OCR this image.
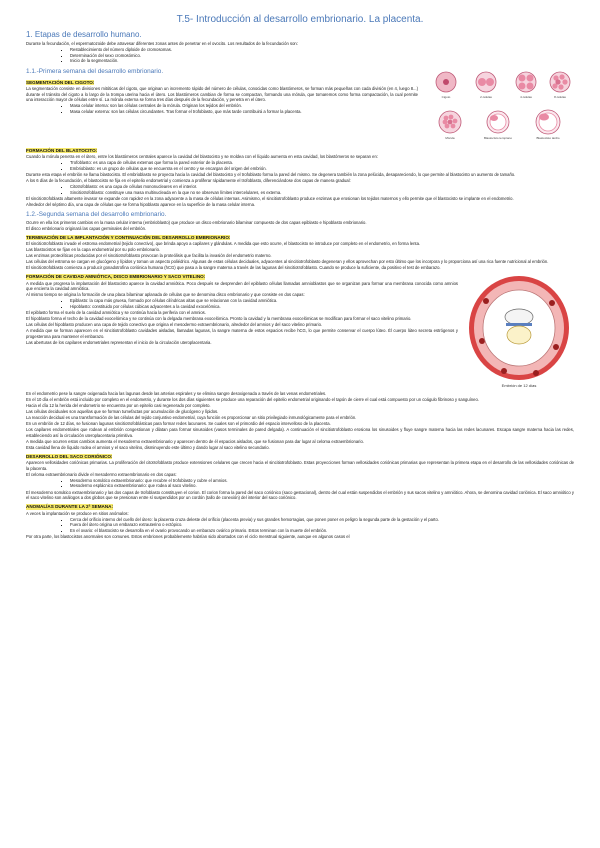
T.5- Introducción al desarrollo embrionario. La placenta.
1. Etapas de desarrollo humano.

Durante la fecundación, el espermatozoide debe atravesar diferentes zonas antes de penetrar en el ovocito. Los resultados de la fecundación son:

▪ Restablecimiento del número diploide de cromosomas.
▪ Determinación del sexo cromosómico.
▪ Inicio de la segmentación.
Cigoto	2 células	4 células	8 células
Mórula	Blastocisto temprano	Blastocisto tardío
1.1.-Primera semana del desarrollo embrionario.
SEGMENTACIÓN DEL CIGOTO:

La segmentación consiste en divisiones mitóticas del cigoto, que originan un incremento rápido del número de células, conocidas como blastómeros, se forman más pequeñas con cada división (en 4, luego 8...) durante el tránsito del cigoto a lo largo de la trompa uterina hacia el útero. Los blastómeros cambian de forma se compactan, formando una mórula, que tomaremos como forma compactación, la cual permite una interacción mayor de células entre sí. La mórula externa se forma tres días después de la fecundación, y penetra en el útero.

▪ Masa celular interna: son las células centrales de la mórula. Originan los tejidos del embrión.
▪ Masa celular externa: son las células circundantes. Tras formar el trofoblasto, que más tarde contribuirá a formar la placenta.
FORMACIÓN DEL BLASTOCITO:

Cuando la mórula penetra en el útero, entre los blastómeros centrales aparece la cavidad del blastocisto y se moldea con el líquido aumenta en esta cavidad, los blastómeros se separan en:

▪ Trofoblasto: es una capa de células externas que forma la pared exterior de la placenta.
▪ Embrioblasto: es un grupo de células que se encuentra en el centro y se encargan del origen del embrión.

Durante esta etapa el embrión se llama blastocisto. El embrioblasto se proyecta hacia la cavidad del blastocisto y el trofoblasto forma la pared del mismo. Se degenera también la zona pelúcida, desapareciendo, lo que permite al blastocisto un aumento de tamaño.

A los 6 días de la fecundación, el blastocisto se fija en el epitelio endometrial y comienza a proliferar rápidamente el trofoblasto, diferenciándose dos capas de manera gradual:

▪ Citotrofoblasto: es una capa de células mononucleares en el interior.
▪ Sincitiotrofoblasto: constituye una masa multinucleada en la que no se observan límites intercelulares, es externa.

El sincitiotrofoblasto altamente invasor se expande con rapidez en la zona adyacente a la masa de células internas. Asimismo, el sincitiotrofoblasto produce enzimas que erosionan los tejidos maternos y ello permite que el blastocisto se implante en el endometrio.

Alrededor del séptimo día, una capa de células que se forma hipoblasto aparece en la superficie de la masa celular interna.

1.2.-Segunda semana del desarrollo embrionario.

Ocurre en ella los primeros cambios en la masa celular interna (embrioblasto) que produce un disco embrionario bilaminar compuesto de dos capas epiblasto e hipoblasto embrionario.

El disco embrionario originará las capas germinales del embrión.

TERMINACIÓN DE LA IMPLANTACIÓN Y CONTINUACIÓN DEL DESARROLLO EMBRIONARIO:

El sincitiotrofoblasto invade el estroma endometrial (tejido conectivo), que brinda apoyo a capilares y glándulas. A medida que esto ocurre, el blastocisto se introduce por completo en el endometrio, en forma lenta.

Las blastocistos se fijan en la capa endometrial por su polo embrionario.

Las enzimas proteolíticas producidas por el sincitiotrofoblasto provocan la proteólisis que facilita la invasión del endometrio materno.

Las células del estroma se cargan en glucógeno y lípidos y toman un aspecto poliédrico. Algunas de estas células deciduales, adyacentes al sincitiotrofoblasto degeneran y ellos aprovechan por esto último que los incorpora y lo proporciona así una rica fuente nutricional al embrión.

El sincitiotrofoblasto comienza a producir gonadotrofina coriónica humana (hCG) que pasa a la sangre materna a través de las lagunas del sincitiotrofoblasto. Cuando se produce la suficiente, da positivo el test de embarazo.

Embrión de 12 días
FORMACIÓN DE CAVIDAD AMNIÓTICA, DISCO EMBRIONARIO Y SACO VITELINO:

A medida que progresa la implantación del blastocisto aparece la cavidad amniótica. Poco después se desprenden del epiblasto células llamadas amnioblastos que se organizan para formar una membrana conocida como amnios que encierra la cavidad amniótica.

Al mismo tiempo se origina la formación de una placa bilaminar aplanada de células que se denomina disco embrionario y que consiste en dos capas:

▪ Epiblasto: la capa más gruesa, formado por células cilíndricas altas que se relacionan con la cavidad amniótica.
▪ Hipoblasto: constituido por células cúbicas adyacentes a la cavidad exocelómica.

El epiblasto forma el suelo de la cavidad amniótica y se continúa hacia la periferia con el amnios.

El hipoblasto forma el techo de la cavidad exocelómica y se continúa con la delgada membrana exocelómica. Pronto la cavidad y la membrana exocelómicas se modifican para formar el saco vitelino primario.

Las células del hipoblasto producen una capa de tejido conectivo que origina el mesodermo extraembrionario, alrededor del amnios y del saco vitelino primario.

A medida que se forman aparecen en el sincitiotrofoblasto cavidades aisladas, llamadas lagunas, la sangre materna de estos espacios recibe hCG, lo que permite conservar el cuerpo lúteo. Él cuerpo lúteo secreta estrógenos y progesterona para mantener el embarazo.

Las aberturas de los capilares endometriales representan el inicio de la circulación uteroplacentaria.

En el endometrio pese la sangre oxigenada hacia las lagunas desde las arterias espirales y se elimina sangre desoxigenada a través de las venas endometriales.

En el 10 día el embrión está incluido por completo en el endometrio, y durante los dos días siguientes se produce una reparación del epitelio endometrial originando el tapón de cierre el cual está compuesto por un coágulo fibrinoso y sanguíneo.

Hacia el día 12 la herida del endometrio se encuentra por un epitelio casi regenerado por completo.

Las células deciduales son aquellas que se forman tumefactas por acumulación de glucógeno y lípidos.

La reacción decidual es una transformación de las células del tejido conjuntivo endometrial, cuya función es proporcionar un sitio privilegiado inmunológicamente para el embrión.

En un embrión de 12 días, se fusionan lagunas sincitiotrofoblásticas para formar redes lacunares. Se cuales son el primordio del espacio intervelloso de la placenta.

Los capilares endometriales que rodean al embrión congestionan y dilatan para formar sinusoides (vasos terminales de pared delgada). A continuación el sincitiotrofoblasto erosiona los sinusoides y fluye sangre materna hacia las redes lacunares. Escapa sangre materna hacia las redes, estableciendo así la circulación uteroplacentaria primitiva.

A medida que ocurren estos cambios aumenta el mesodermo extraembrionario y aparecen dentro de él espacios aislados, que se fusionan para dar lugar al celoma extraembrionario.

Esta cavidad llena de líquido rodea el amnios y el saco vitelino, disminuyendo este último y dando lugar al saco vitelino secundario.

DESARROLLO DEL SACO CORIÓNICO:

Aparecen vellosidades coriónicas primarias. La proliferación del citotrofoblasto produce extensiones celulares que crecen hacia el sincitiotrofoblasto. Estas proyecciones forman vellosidades coriónicas primarias que representan la primera etapa en el desarrollo de las vellosidades coriónicas de la placenta.

El celoma extraembrionario divide el mesodermo extraembrionario en dos capas:

▪ Mesodermo somático extraembrionario: que recubre el trofoblasto y cubre el amnios.
▪ Mesodermo esplácnico extraembrionario: que rodea al saco vitelino.

El mesodermo somático extraembrionario y las dos capas de trofoblasto constituyen el corion. El corion forma la pared del saco coriónico (saco gestacional), dentro del cual están suspendidos el embrión y sus sacos vitelino y amniótico. Ahora, se denomina cavidad coriónica. El saco amniótico y el saco vitelino son análogos a dos globos que se presionan entre sí suspendidos por un cordón (tallo de conexión) del interior del saco coriónico.

ANOMALÍAS DURANTE LA 2ª SEMANA:

A veces la implantación se produce en sitios anómalos:

▪ Cerca del orificio interno del cuello del útero: la placenta cruza deleste del orificio (placenta previa) y sus grandes hemorragias, que ponen poner en peligro la segunda parte de la gestación y el parto.
▪ Fuera del útero origina un embarazo extrauterino o ectópico.
▪ En el ovario: el blastocisto se desarrolla en el ovario provocando un embarazo ovárico primario. Estos terminan con la muerte del embrión.

Por otra parte, los blastocistos anormales son comunes. Estos embriones probablemente habrían sido abortados con el ciclo menstrual siguiente, aunque en algunos casos el
